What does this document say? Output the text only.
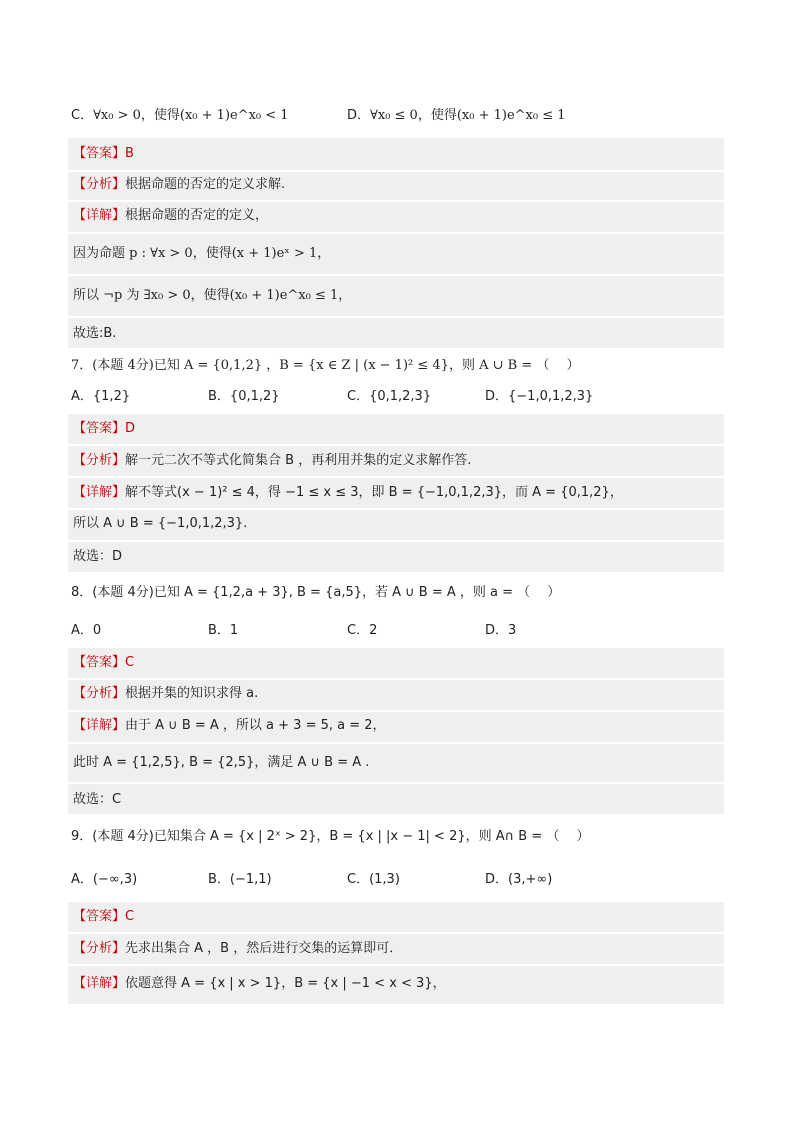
C．∀x₀ > 0，使得(x₀ + 1)e^x₀ < 1	D．∀x₀ ≤ 0，使得(x₀ + 1)e^x₀ ≤ 1
【答案】B
【分析】根据命题的否定的定义求解.
【详解】根据命题的否定的定义，
因为命题 p : ∀x > 0，使得(x + 1)eˣ > 1，
所以 ¬p 为 ∃x₀ > 0，使得(x₀ + 1)e^x₀ ≤ 1，
故选:B.
7．(本题 4分)已知 A = {0,1,2} ，B = {x ∈ Z | (x − 1)² ≤ 4}，则 A ∪ B = （　 ）
A．{1,2}	B．{0,1,2}	C．{0,1,2,3}	D．{−1,0,1,2,3}
【答案】D
【分析】解一元二次不等式化简集合 B ，再利用并集的定义求解作答.
【详解】解不等式(x − 1)² ≤ 4，得 −1 ≤ x ≤ 3，即 B = {−1,0,1,2,3}，而 A = {0,1,2}，
所以 A ∪ B = {−1,0,1,2,3}.
故选：D
8．(本题 4分)已知 A = {1,2,a + 3}, B = {a,5}，若 A ∪ B = A ，则 a = （　 ）
A．0	B．1	C．2	D．3
【答案】C
【分析】根据并集的知识求得 a.
【详解】由于 A ∪ B = A ，所以 a + 3 = 5, a = 2，
此时 A = {1,2,5}, B = {2,5}，满足 A ∪ B = A .
故选：C
9．(本题 4分)已知集合 A = {x | 2ˣ > 2}，B = {x | |x − 1| < 2}，则 A∩ B = （　 ）
A．(−∞,3)	B．(−1,1)	C．(1,3)	D．(3,+∞)
【答案】C
【分析】先求出集合 A ，B ，然后进行交集的运算即可．
【详解】依题意得 A = {x | x > 1}，B = {x | −1 < x < 3}，
